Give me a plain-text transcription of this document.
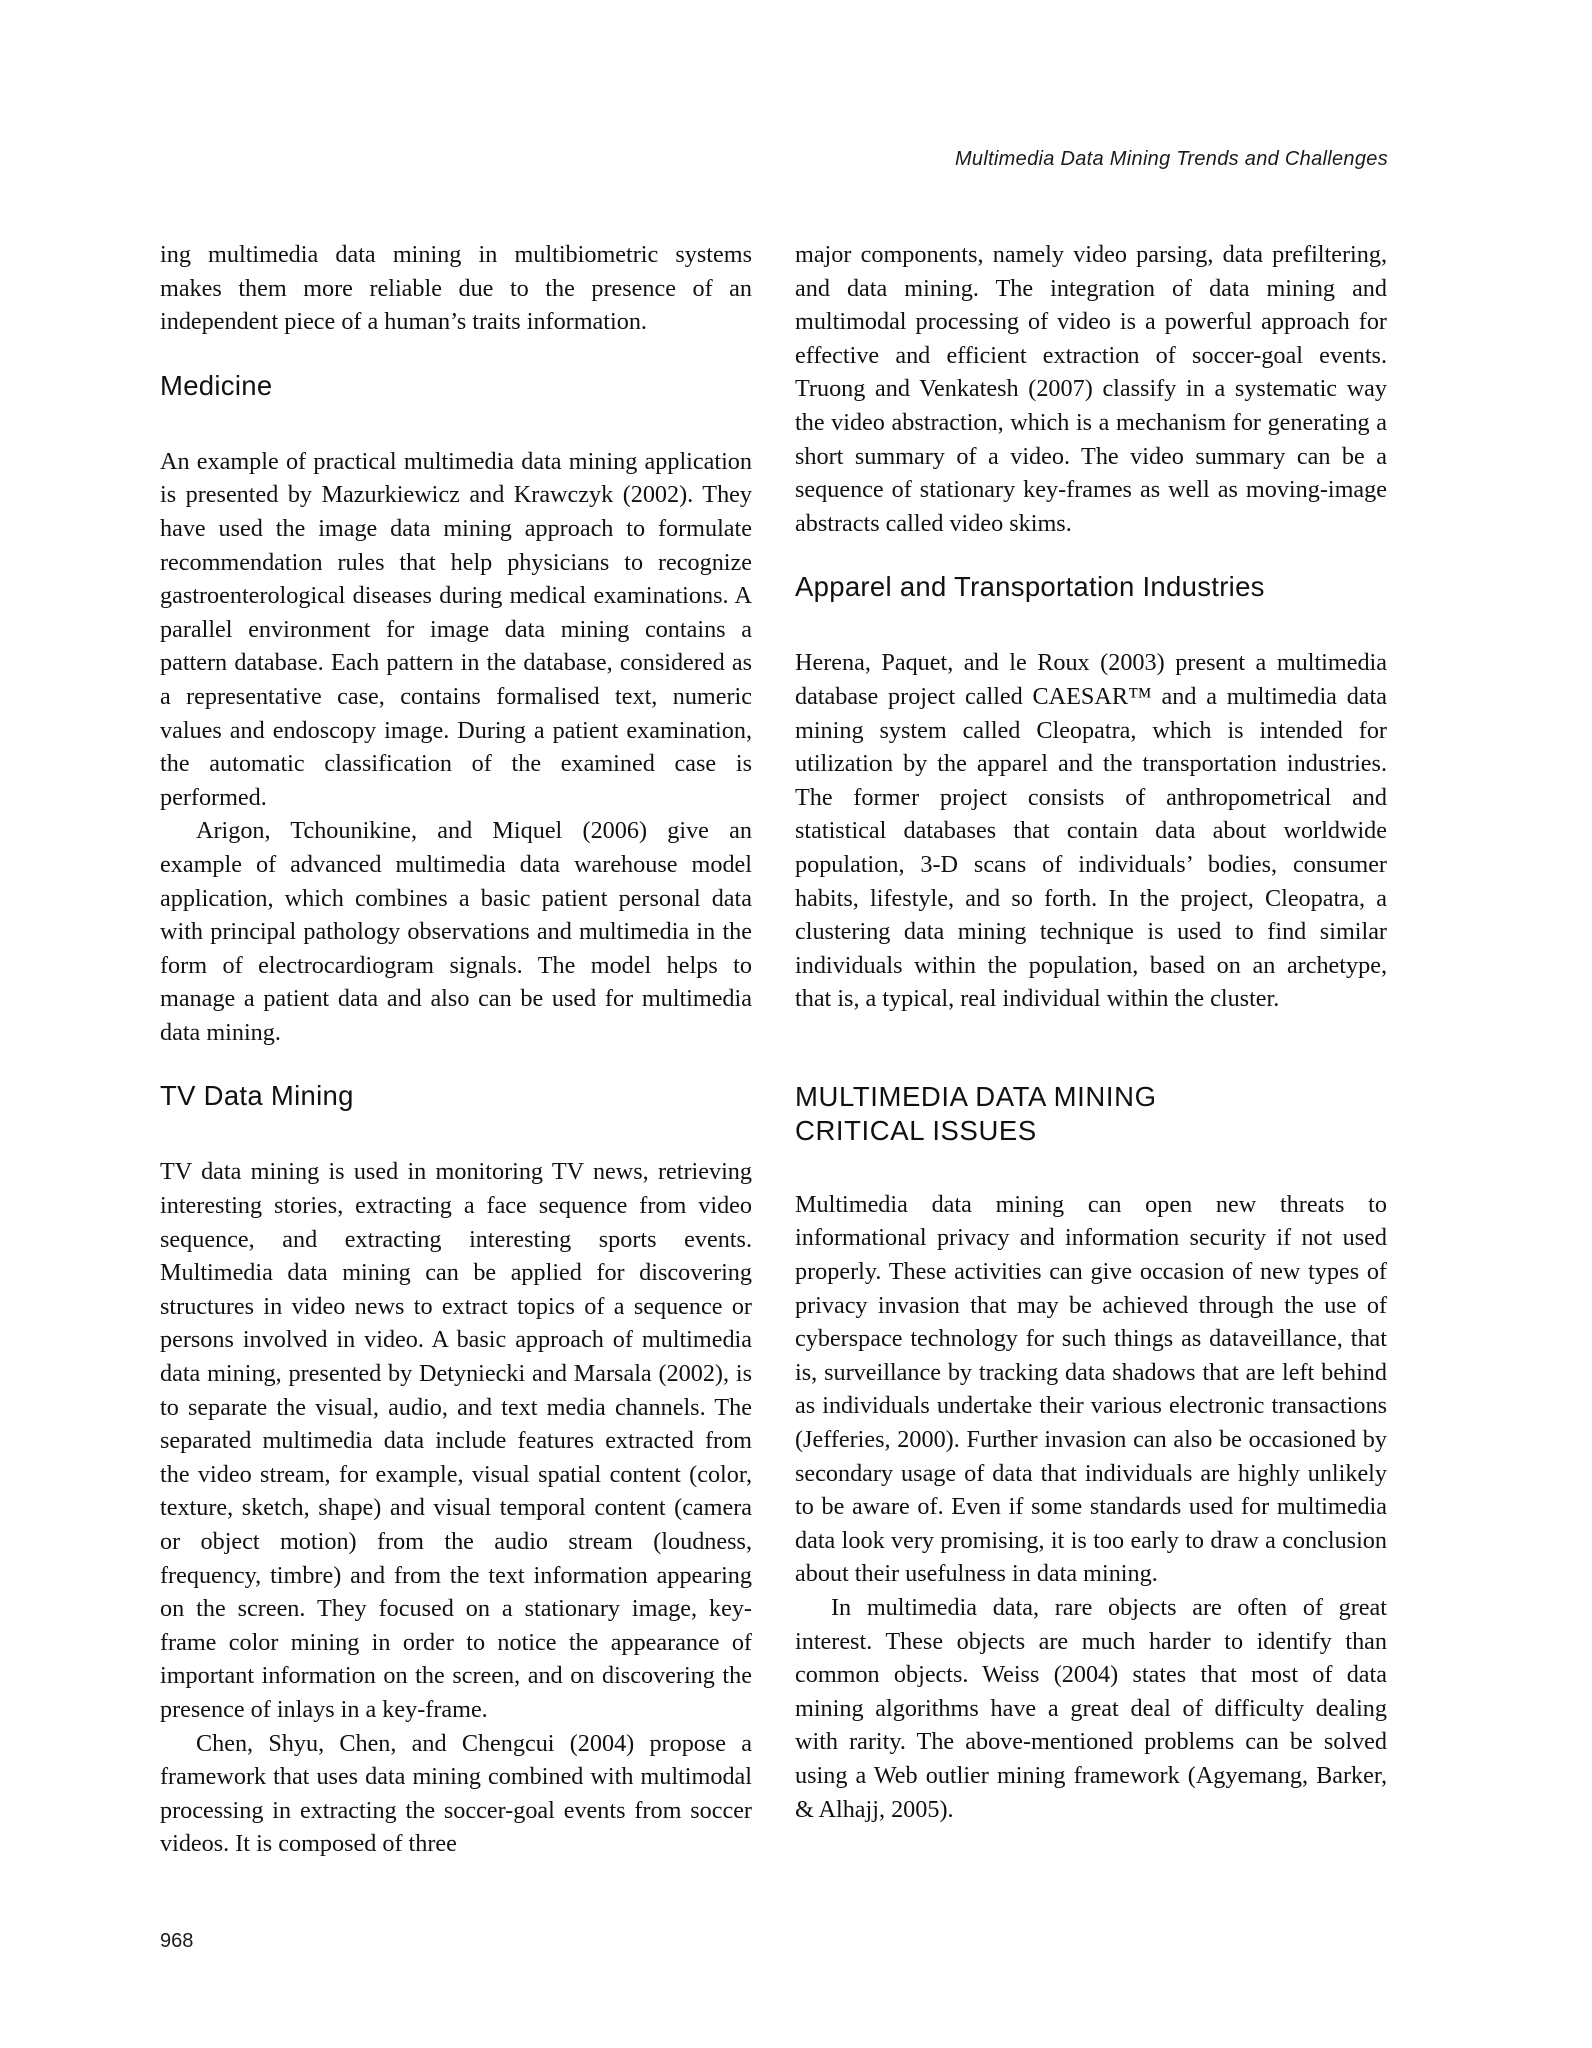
Multimedia Data Mining Trends and Challenges

ing multimedia data mining in multibiometric systems makes them more reliable due to the presence of an independent piece of a human’s traits information.

Medicine

An example of practical multimedia data mining application is presented by Mazurkiewicz and Krawczyk (2002). They have used the image data mining approach to formulate recommendation rules that help physicians to recognize gastroenterological diseases during medical examinations. A parallel environment for image data mining contains a pattern database. Each pattern in the database, considered as a representative case, contains formalised text, numeric values and endoscopy image. During a patient examination, the automatic classification of the examined case is performed.

Arigon, Tchounikine, and Miquel (2006) give an example of advanced multimedia data warehouse model application, which combines a basic patient personal data with principal pathology observations and multimedia in the form of electrocardiogram signals. The model helps to manage a patient data and also can be used for multimedia data mining.

TV Data Mining

TV data mining is used in monitoring TV news, retrieving interesting stories, extracting a face sequence from video sequence, and extracting interesting sports events. Multimedia data mining can be applied for discovering structures in video news to extract topics of a sequence or persons involved in video. A basic approach of multimedia data mining, presented by Detyniecki and Marsala (2002), is to separate the visual, audio, and text media channels. The separated multimedia data include features extracted from the video stream, for example, visual spatial content (color, texture, sketch, shape) and visual temporal content (camera or object motion) from the audio stream (loudness, frequency, timbre) and from the text information appearing on the screen. They focused on a stationary image, key-frame color mining in order to notice the appearance of important information on the screen, and on discovering the presence of inlays in a key-frame.

Chen, Shyu, Chen, and Chengcui (2004) propose a framework that uses data mining combined with multimodal processing in extracting the soccer-goal events from soccer videos. It is composed of three

major components, namely video parsing, data prefiltering, and data mining. The integration of data mining and multimodal processing of video is a powerful approach for effective and efficient extraction of soccer-goal events. Truong and Venkatesh (2007) classify in a systematic way the video abstraction, which is a mechanism for generating a short summary of a video. The video summary can be a sequence of stationary key-frames as well as moving-image abstracts called video skims.

Apparel and Transportation Industries

Herena, Paquet, and le Roux (2003) present a multimedia database project called CAESAR™ and a multimedia data mining system called Cleopatra, which is intended for utilization by the apparel and the transportation industries. The former project consists of anthropometrical and statistical databases that contain data about worldwide population, 3-D scans of individuals’ bodies, consumer habits, lifestyle, and so forth. In the project, Cleopatra, a clustering data mining technique is used to find similar individuals within the population, based on an archetype, that is, a typical, real individual within the cluster.

MULTIMEDIA DATA MINING
CRITICAL ISSUES

Multimedia data mining can open new threats to informational privacy and information security if not used properly. These activities can give occasion of new types of privacy invasion that may be achieved through the use of cyberspace technology for such things as dataveillance, that is, surveillance by tracking data shadows that are left behind as individuals undertake their various electronic transactions (Jefferies, 2000). Further invasion can also be occasioned by secondary usage of data that individuals are highly unlikely to be aware of. Even if some standards used for multimedia data look very promising, it is too early to draw a conclusion about their usefulness in data mining.

In multimedia data, rare objects are often of great interest. These objects are much harder to identify than common objects. Weiss (2004) states that most of data mining algorithms have a great deal of difficulty dealing with rarity. The above-mentioned problems can be solved using a Web outlier mining framework (Agyemang, Barker, & Alhajj, 2005).

968
